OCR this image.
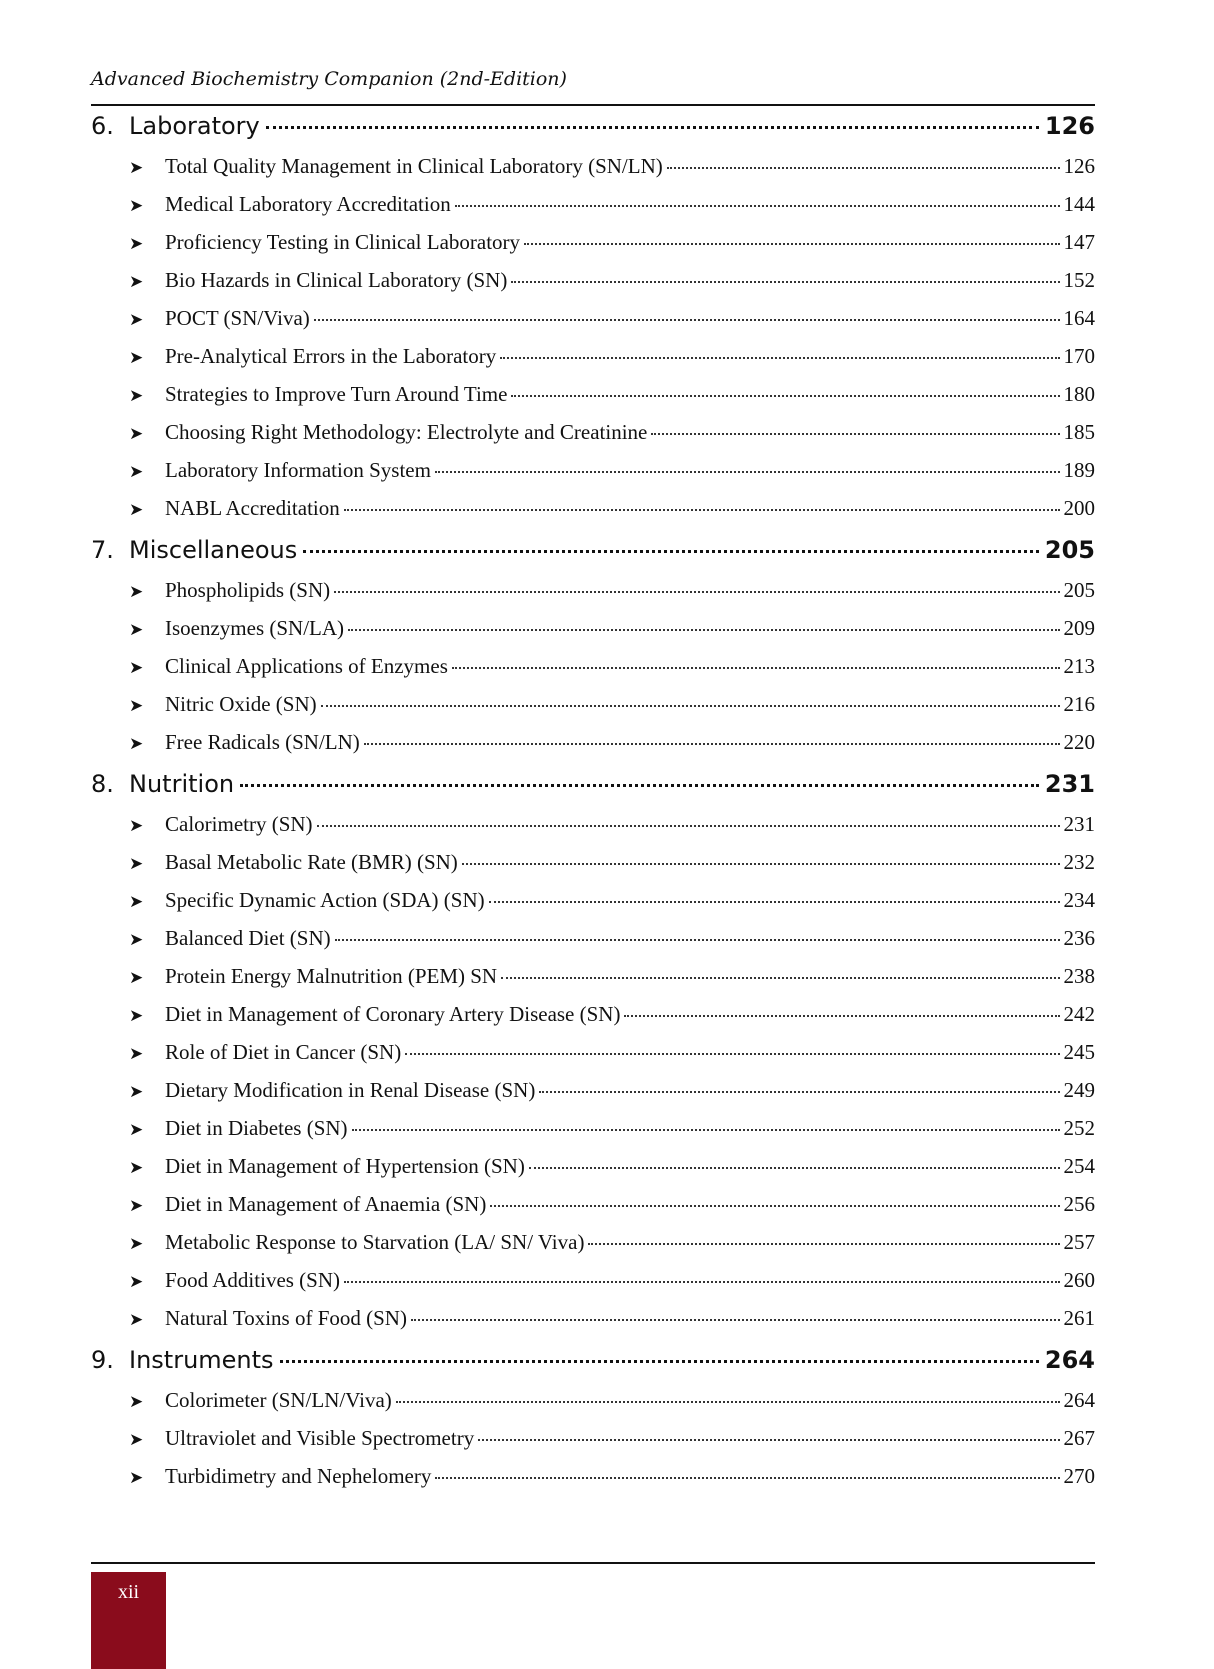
Advanced Biochemistry Companion (2nd-Edition)
6. Laboratory	126
➤	Total Quality Management in Clinical Laboratory (SN/LN)	126
➤	Medical Laboratory Accreditation	144
➤	Proficiency Testing in Clinical Laboratory	147
➤	Bio Hazards in Clinical Laboratory (SN)	152
➤	POCT (SN/Viva)	164
➤	Pre-Analytical Errors in the Laboratory	170
➤	Strategies to Improve Turn Around Time	180
➤	Choosing Right Methodology: Electrolyte and Creatinine	185
➤	Laboratory Information System	189
➤	NABL Accreditation	200
7. Miscellaneous	205
➤	Phospholipids (SN)	205
➤	Isoenzymes (SN/LA)	209
➤	Clinical Applications of Enzymes	213
➤	Nitric Oxide (SN)	216
➤	Free Radicals (SN/LN)	220
8. Nutrition	231
➤	Calorimetry (SN)	231
➤	Basal Metabolic Rate (BMR) (SN)	232
➤	Specific Dynamic Action (SDA) (SN)	234
➤	Balanced Diet (SN)	236
➤	Protein Energy Malnutrition (PEM) SN	238
➤	Diet in Management of Coronary Artery Disease (SN)	242
➤	Role of Diet in Cancer (SN)	245
➤	Dietary Modification in Renal Disease (SN)	249
➤	Diet in Diabetes (SN)	252
➤	Diet in Management of Hypertension (SN)	254
➤	Diet in Management of Anaemia (SN)	256
➤	Metabolic Response to Starvation (LA/ SN/ Viva)	257
➤	Food Additives (SN)	260
➤	Natural Toxins of Food (SN)	261
9. Instruments	264
➤	Colorimeter (SN/LN/Viva)	264
➤	Ultraviolet and Visible Spectrometry	267
➤	Turbidimetry and Nephelomery	270
xii
